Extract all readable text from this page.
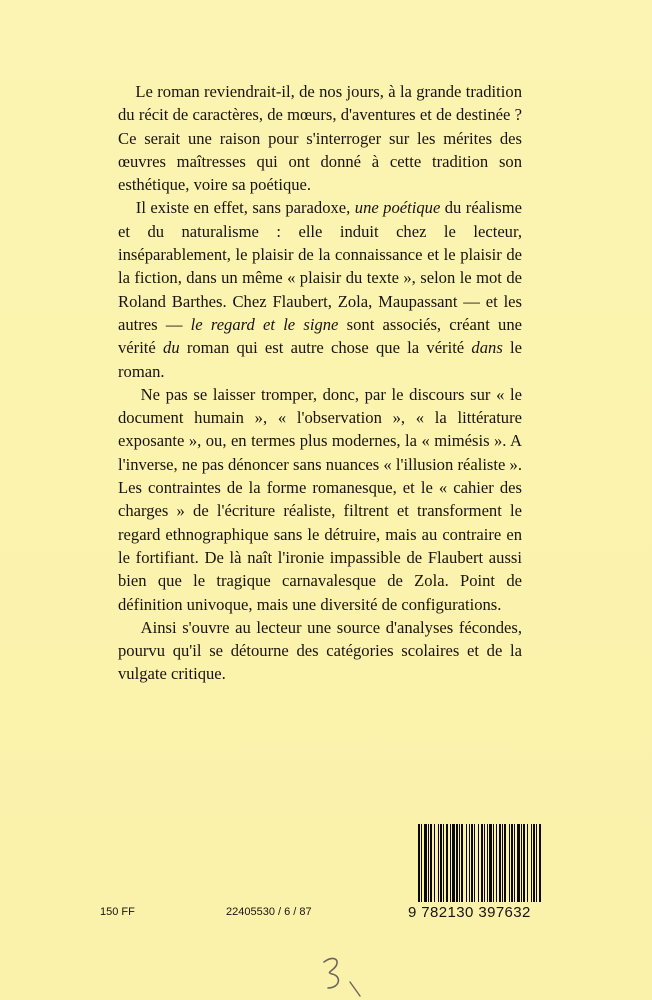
Le roman reviendrait-il, de nos jours, à la grande tradition du récit de caractères, de mœurs, d'aventures et de destinée ? Ce serait une raison pour s'interroger sur les mérites des œuvres maîtresses qui ont donné à cette tradition son esthétique, voire sa poétique.

Il existe en effet, sans paradoxe, une poétique du réalisme et du naturalisme : elle induit chez le lecteur, inséparablement, le plaisir de la connaissance et le plaisir de la fiction, dans un même « plaisir du texte », selon le mot de Roland Barthes. Chez Flaubert, Zola, Maupassant — et les autres — le regard et le signe sont associés, créant une vérité du roman qui est autre chose que la vérité dans le roman.

Ne pas se laisser tromper, donc, par le discours sur « le document humain », « l'observation », « la littérature exposante », ou, en termes plus modernes, la « mimésis ». A l'inverse, ne pas dénoncer sans nuances « l'illusion réaliste ». Les contraintes de la forme romanesque, et le « cahier des charges » de l'écriture réaliste, filtrent et transforment le regard ethnographique sans le détruire, mais au contraire en le fortifiant. De là naît l'ironie impassible de Flaubert aussi bien que le tragique carnavalesque de Zola. Point de définition univoque, mais une diversité de configurations.

Ainsi s'ouvre au lecteur une source d'analyses fécondes, pourvu qu'il se détourne des catégories scolaires et de la vulgate critique.

9 782130 397632
150 FF	22405530 / 6 / 87
